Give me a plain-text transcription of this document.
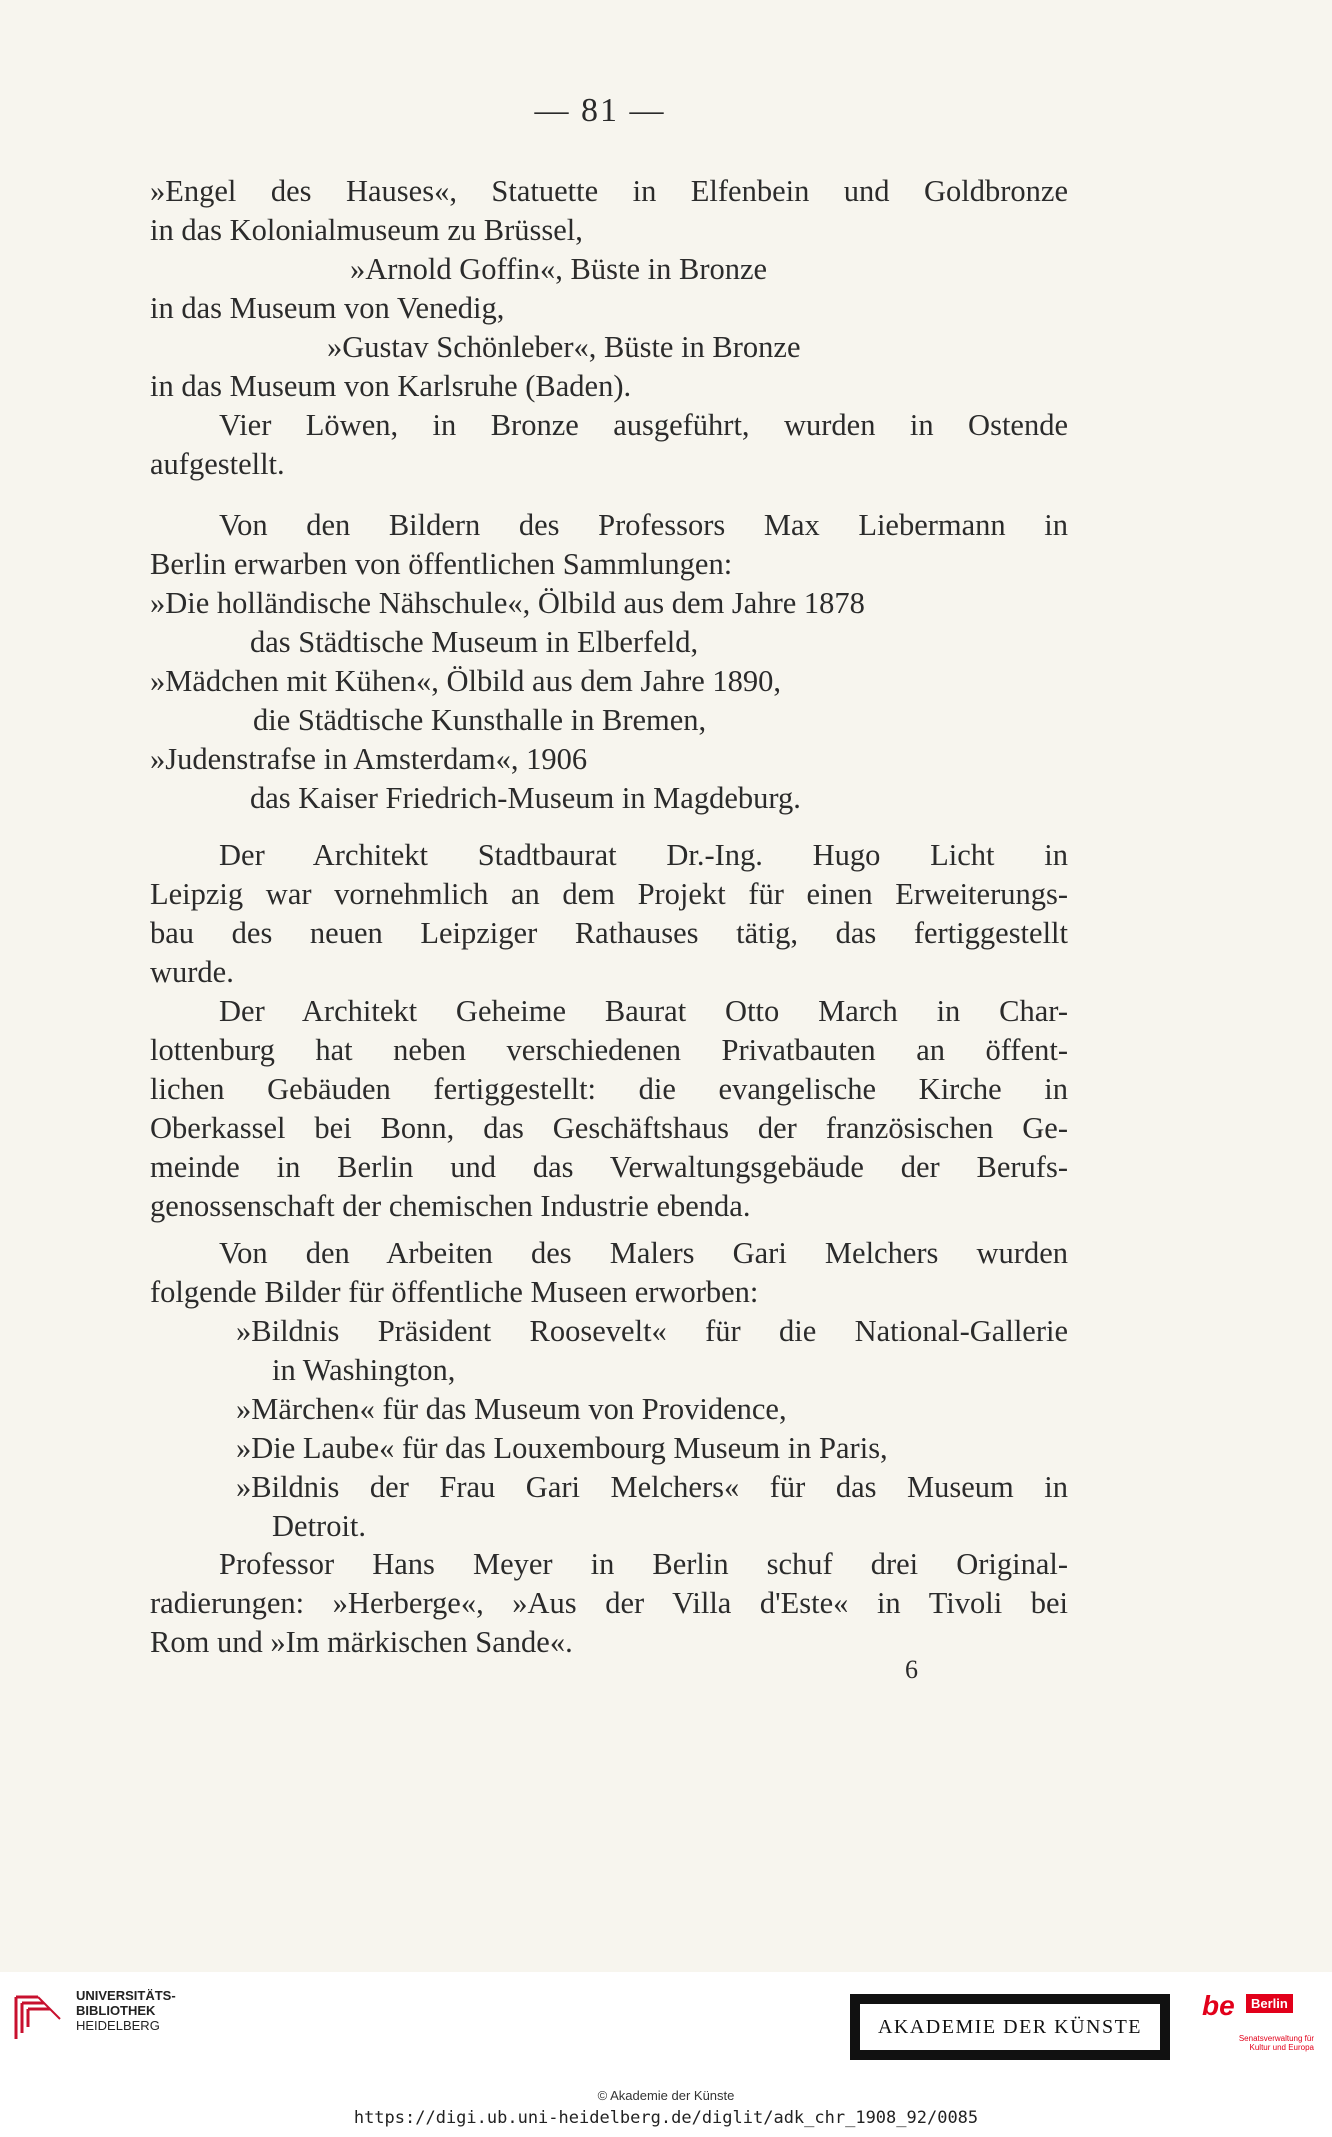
— 81 —
»Engel des Hauses«, Statuette in Elfenbein und Goldbronze
in das Kolonialmuseum zu Brüssel,
»Arnold Goffin«, Büste in Bronze
in das Museum von Venedig,
»Gustav Schönleber«, Büste in Bronze
in das Museum von Karlsruhe (Baden).
Vier Löwen, in Bronze ausgeführt, wurden in Ostende
aufgestellt.
Von den Bildern des Professors Max Liebermann in
Berlin erwarben von öffentlichen Sammlungen:
»Die holländische Nähschule«, Ölbild aus dem Jahre 1878
das Städtische Museum in Elberfeld,
»Mädchen mit Kühen«, Ölbild aus dem Jahre 1890,
die Städtische Kunsthalle in Bremen,
»Judenstrafse in Amsterdam«, 1906
das Kaiser Friedrich-Museum in Magdeburg.
Der Architekt Stadtbaurat Dr.-Ing. Hugo Licht in
Leipzig war vornehmlich an dem Projekt für einen Erweiterungs-
bau des neuen Leipziger Rathauses tätig, das fertiggestellt
wurde.
Der Architekt Geheime Baurat Otto March in Char-
lottenburg hat neben verschiedenen Privatbauten an öffent-
lichen Gebäuden fertiggestellt: die evangelische Kirche in
Oberkassel bei Bonn, das Geschäftshaus der französischen Ge-
meinde in Berlin und das Verwaltungsgebäude der Berufs-
genossenschaft der chemischen Industrie ebenda.
Von den Arbeiten des Malers Gari Melchers wurden
folgende Bilder für öffentliche Museen erworben:
»Bildnis Präsident Roosevelt« für die National-Gallerie
in Washington,
»Märchen« für das Museum von Providence,
»Die Laube« für das Louxembourg Museum in Paris,
»Bildnis der Frau Gari Melchers« für das Museum in
Detroit.
Professor Hans Meyer in Berlin schuf drei Original-
radierungen: »Herberge«, »Aus der Villa d'Este« in Tivoli bei
Rom und »Im märkischen Sande«.
6
UNIVERSITÄTS-
BIBLIOTHEK
HEIDELBERG	AKADEMIE DER KÜNSTE
be	Berlin
Senatsverwaltung für Kultur und Europa
© Akademie der Künste
https://digi.ub.uni-heidelberg.de/diglit/adk_chr_1908_92/0085
